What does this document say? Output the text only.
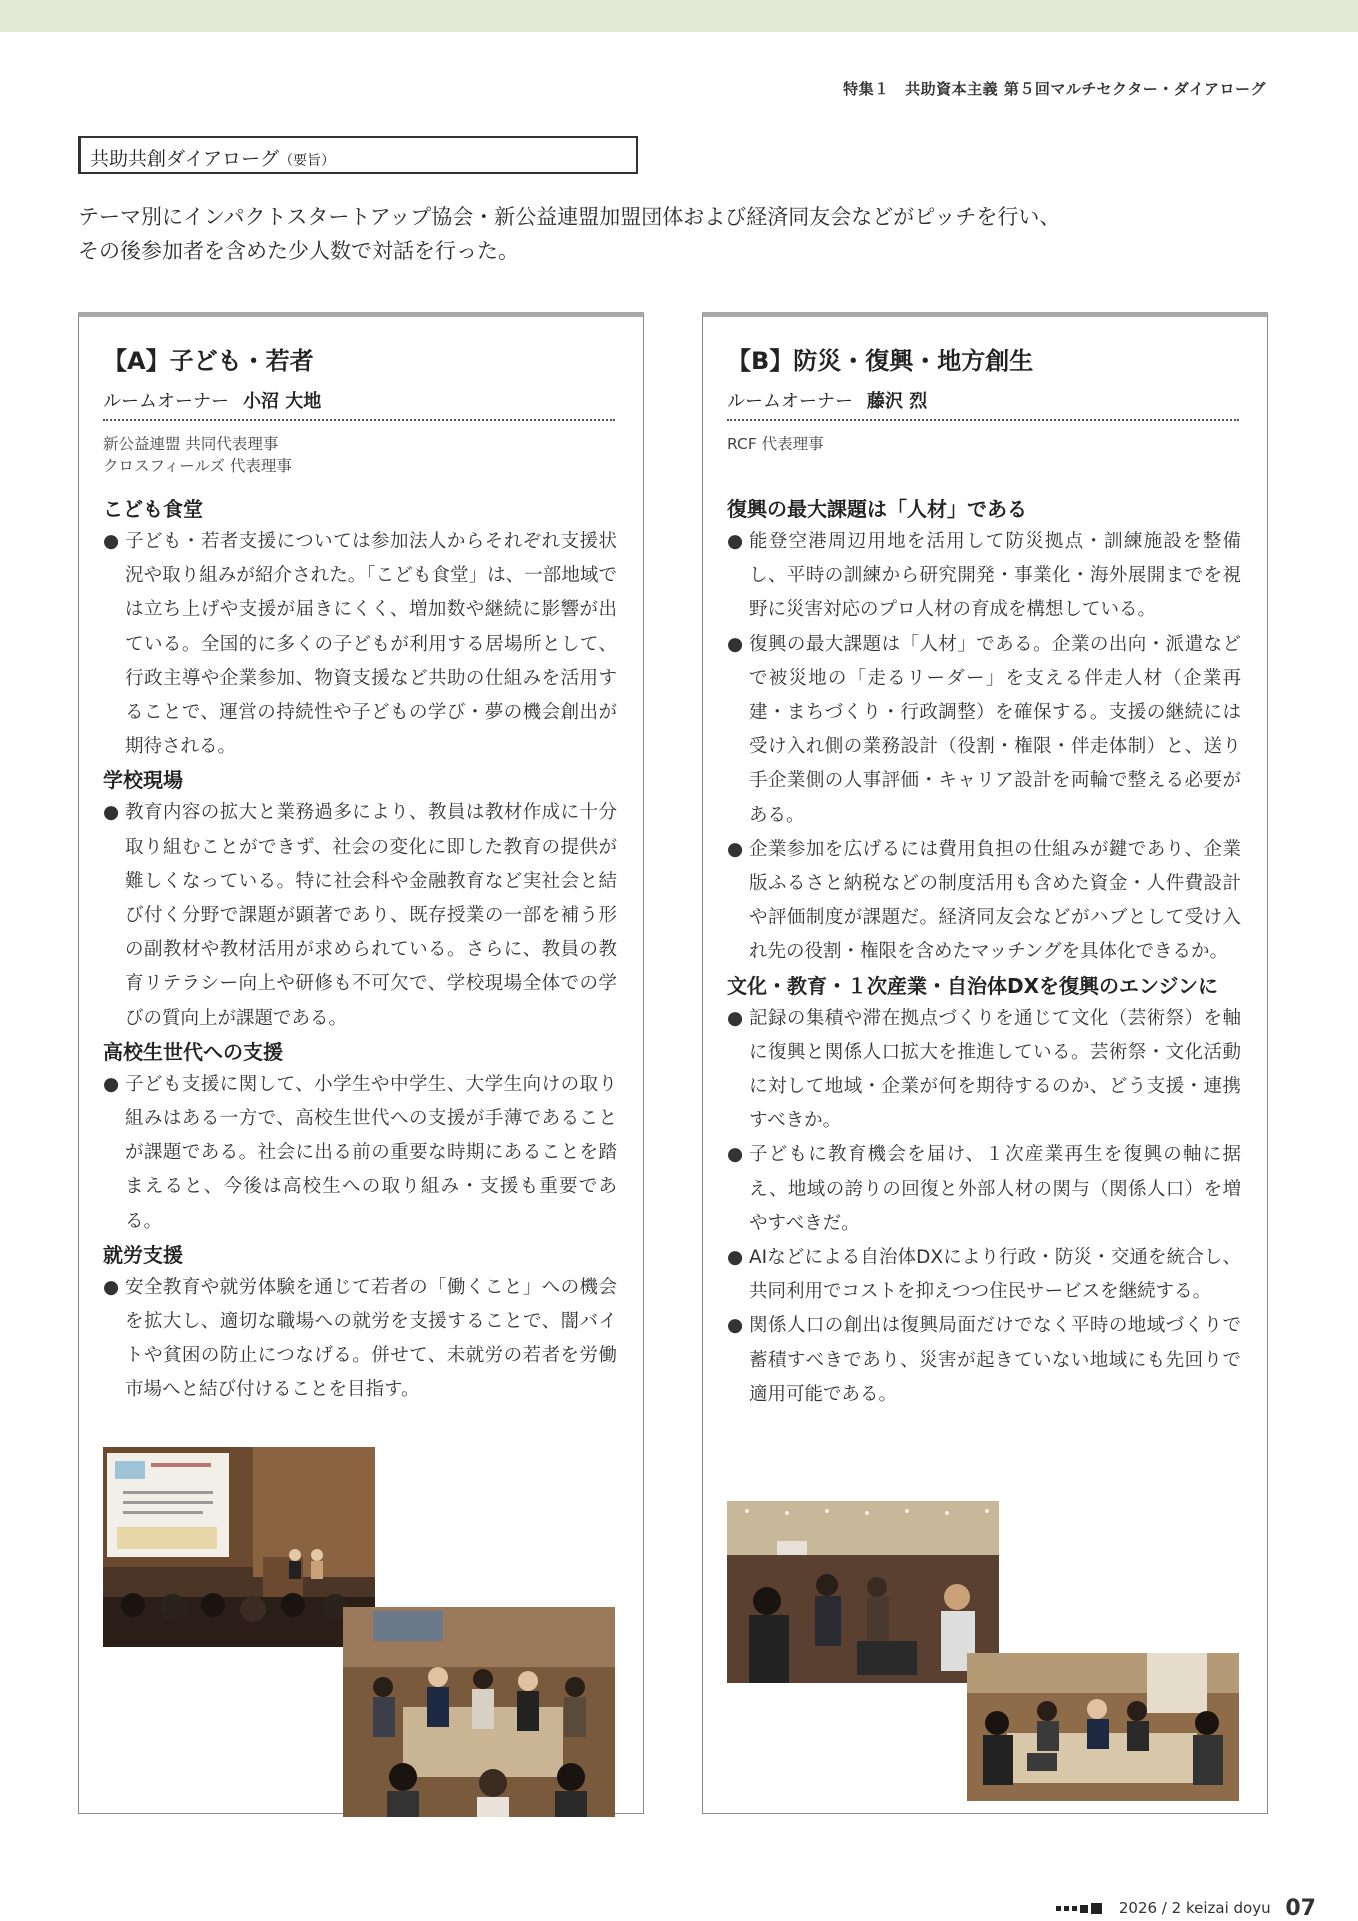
特集１　共助資本主義 第５回マルチセクター・ダイアローグ
共助共創ダイアローグ（要旨）
テーマ別にインパクトスタートアップ協会・新公益連盟加盟団体および経済同友会などがピッチを行い、
その後参加者を含めた少人数で対話を行った。
【A】子ども・若者
ルームオーナー 小沼 大地
新公益連盟 共同代表理事
クロスフィールズ 代表理事
こども食堂
● 子ども・若者支援については参加法人からそれぞれ支援状況や取り組みが紹介された。「こども食堂」は、一部地域では立ち上げや支援が届きにくく、増加数や継続に影響が出ている。全国的に多くの子どもが利用する居場所として、行政主導や企業参加、物資支援など共助の仕組みを活用することで、運営の持続性や子どもの学び・夢の機会創出が期待される。
学校現場
● 教育内容の拡大と業務過多により、教員は教材作成に十分取り組むことができず、社会の変化に即した教育の提供が難しくなっている。特に社会科や金融教育など実社会と結び付く分野で課題が顕著であり、既存授業の一部を補う形の副教材や教材活用が求められている。さらに、教員の教育リテラシー向上や研修も不可欠で、学校現場全体での学びの質向上が課題である。
高校生世代への支援
● 子ども支援に関して、小学生や中学生、大学生向けの取り組みはある一方で、高校生世代への支援が手薄であることが課題である。社会に出る前の重要な時期にあることを踏まえると、今後は高校生への取り組み・支援も重要である。
就労支援
● 安全教育や就労体験を通じて若者の「働くこと」への機会を拡大し、適切な職場への就労を支援することで、闇バイトや貧困の防止につなげる。併せて、未就労の若者を労働市場へと結び付けることを目指す。
【B】防災・復興・地方創生
ルームオーナー 藤沢 烈
RCF 代表理事
復興の最大課題は「人材」である
● 能登空港周辺用地を活用して防災拠点・訓練施設を整備し、平時の訓練から研究開発・事業化・海外展開までを視野に災害対応のプロ人材の育成を構想している。
● 復興の最大課題は「人材」である。企業の出向・派遣などで被災地の「走るリーダー」を支える伴走人材（企業再建・まちづくり・行政調整）を確保する。支援の継続には受け入れ側の業務設計（役割・権限・伴走体制）と、送り手企業側の人事評価・キャリア設計を両輪で整える必要がある。
● 企業参加を広げるには費用負担の仕組みが鍵であり、企業版ふるさと納税などの制度活用も含めた資金・人件費設計や評価制度が課題だ。経済同友会などがハブとして受け入れ先の役割・権限を含めたマッチングを具体化できるか。
文化・教育・１次産業・自治体DXを復興のエンジンに
● 記録の集積や滞在拠点づくりを通じて文化（芸術祭）を軸に復興と関係人口拡大を推進している。芸術祭・文化活動に対して地域・企業が何を期待するのか、どう支援・連携すべきか。
● 子どもに教育機会を届け、１次産業再生を復興の軸に据え、地域の誇りの回復と外部人材の関与（関係人口）を増やすべきだ。
● AIなどによる自治体DXにより行政・防災・交通を統合し、共同利用でコストを抑えつつ住民サービスを継続する。
● 関係人口の創出は復興局面だけでなく平時の地域づくりで蓄積すべきであり、災害が起きていない地域にも先回りで適用可能である。
2026 / 2 keizai doyu 07
